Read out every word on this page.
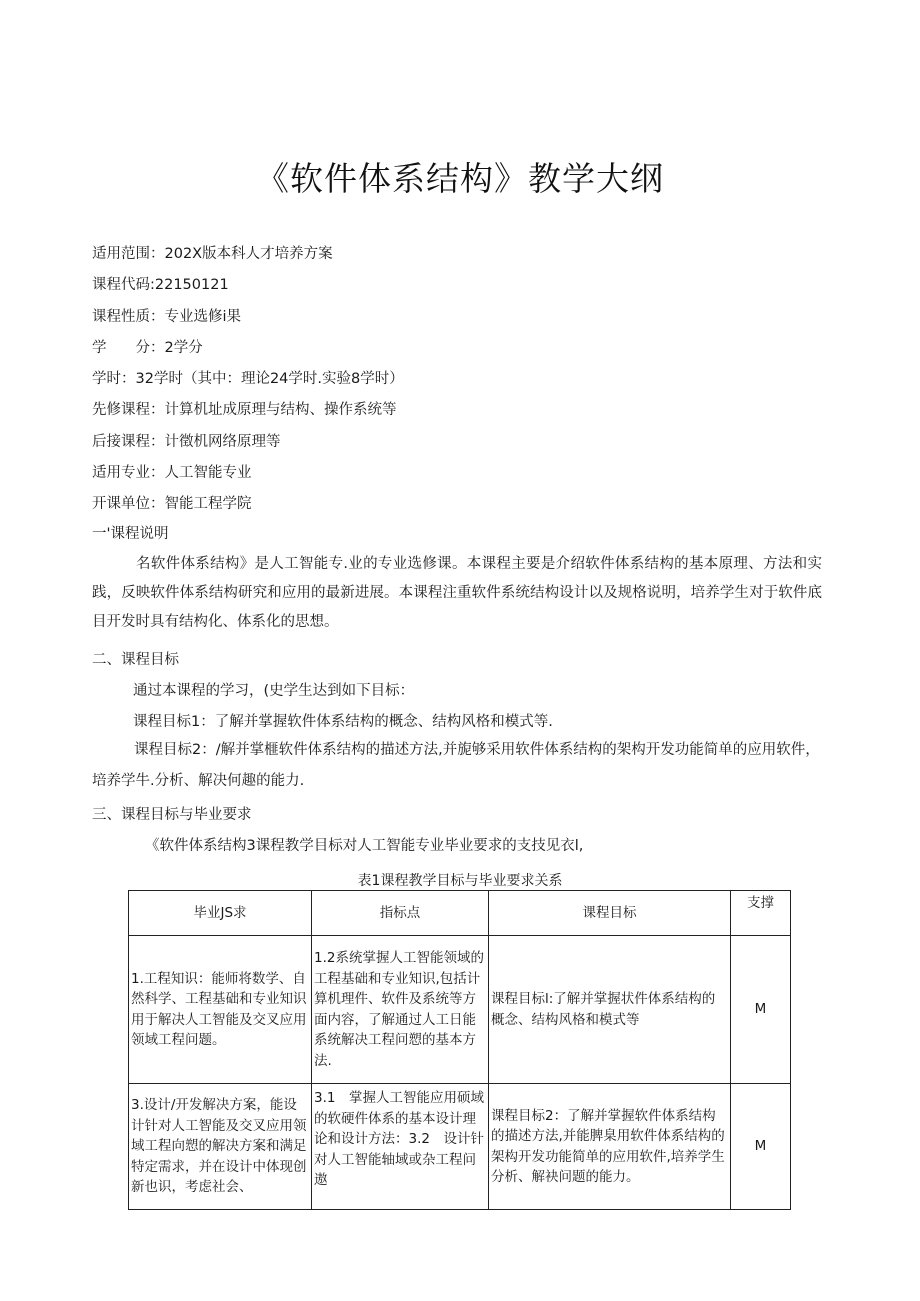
《软件体系结构》教学大纲
适用范围：202X版本科人才培养方案
课程代码:22150121
课程性质：专业选修i果
学　　分：2学分
学时：32学时（其中：理论24学时.实验8学时）
先修课程：计算机址成原理与结构、操作系统等
后接课程：计徵机网络原理等
适用专业：人工智能专业
开课单位：智能工程学院
一'课程说明
名软件体系结构》是人工智能专.业的专业选修课。本课程主要是介绍软件体系结构的基本原理、方法和实践，反映软件体系结构研究和应用的最新进展。本课程注重软件系统结构设计以及规格说明，培养学生对于软件底目开发时具有结构化、体系化的思想。
二、课程目标
通过本课程的学习，(史学生达到如下目标：
课程目标1：了解并掌握软件体系结构的概念、结构风格和模式等.
课程目标2：/解并掌榧软件体系结构的描述方法,并旎够采用软件体系结构的架构开发功能简单的应用软件，培养学牛.分析、解决何趣的能力.
三、课程目标与毕业要求
《软件体系结构3课程教学目标对人工智能专业毕业要求的支技见衣l,
表1课程教学目标与毕业要求关系
毕业JS求	指标点	课程目标	支撑
1.工程知识：能师将数学、自然科学、工程基础和专业知识用于解决人工智能及交叉应用领域工程问题。	1.2系统掌握人工智能领域的工程基础和专业知识,包括计算机理件、软件及系统等方面内容，了解通过人工日能系统解决工程问愬的基本方法.	课程目标l:了解并掌握状件体系结构的概念、结构风格和模式等	M
3.设计/开发解决方案，能设计针对人工智能及交叉应用领域工程向愬的解决方案和满足特定需求，并在设计中体现创新也识，考虑社会、	3.1　掌握人工智能应用硕域的软硬件体系的基本设计理论和设计方法：3.2　设计针对人工智能轴域或杂工程问遨	课程目标2：了解并掌握软件体系结构的描述方法,并能脾臬用软件体系结构的架构开发功能简单的应用软件,培养学生分析、解袂问题的能力。	M
